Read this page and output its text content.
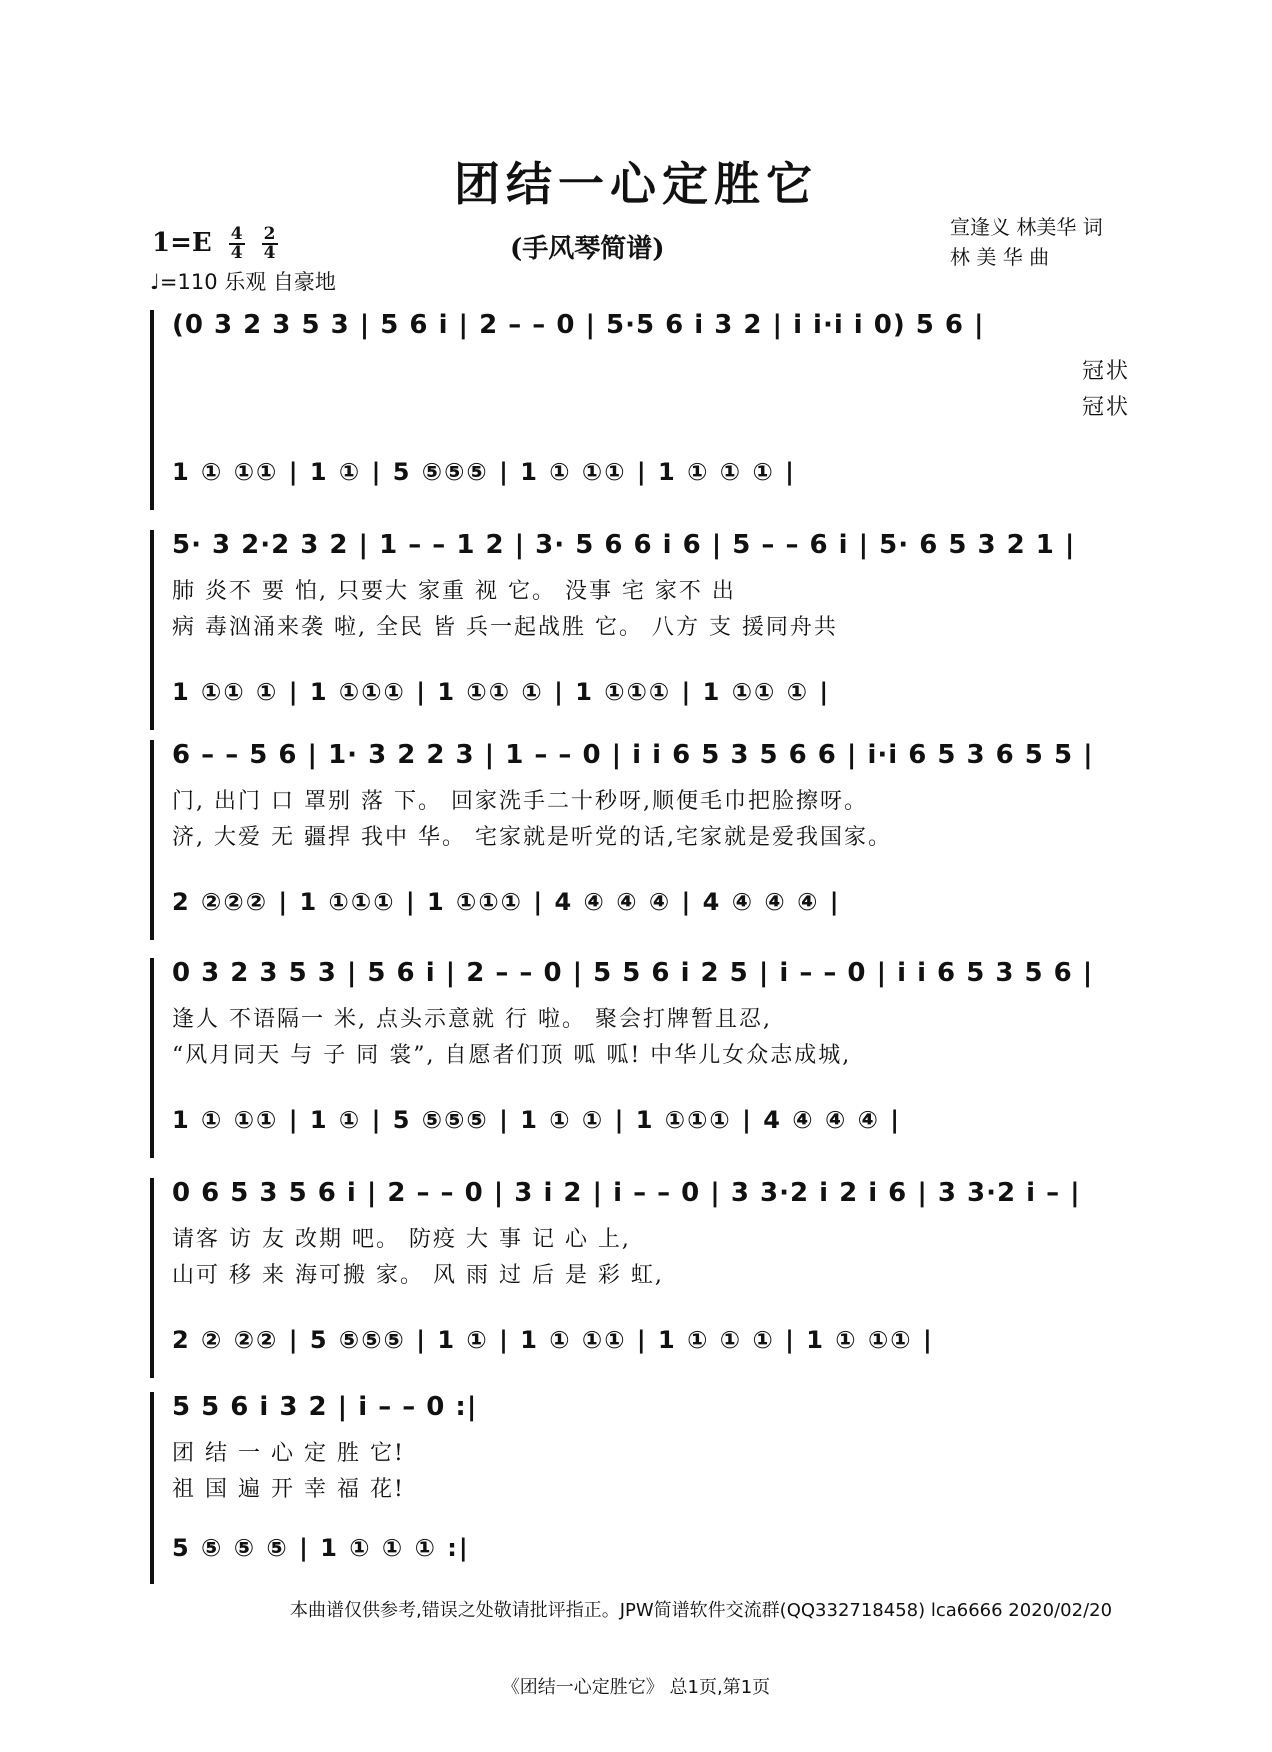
团结一心定胜它
(手风琴简谱)
$1=E \frac{4}{4}$
$\frac{2}{4}$
♩=110 乐观 自豪地
宣逢义 林美华 词
林 美 华 曲
(0 3 2 3 5 3 | 5 6 i | 2 – – 0 | 5·5 6 i 3 2 | i i·i i 0) 5 6 |
冠状
冠状
1 ① ①① | 1 ① | 5 ⑤⑤⑤ | 1 ① ①① | 1 ① ① ① |
5· 3 2·2 3 2 | 1 – – 1 2 | 3· 5 6 6 i 6 | 5 – – 6 i | 5· 6 5 3 2 1 |
肺 炎不 要 怕, 只要大 家重 视 它。 没事 宅 家不 出
病 毒汹涌来袭 啦, 全民 皆 兵一起战胜 它。 八方 支 援同舟共
1 ①① ① | 1 ①①① | 1 ①① ① | 1 ①①① | 1 ①① ① |
6 – – 5 6 | 1· 3 2 2 3 | 1 – – 0 | i i 6 5 3 5 6 6 | i·i 6 5 3 6 5 5 |
门, 出门 口 罩别 落 下。 回家洗手二十秒呀,顺便毛巾把脸擦呀。
济, 大爱 无 疆捍 我中 华。 宅家就是听党的话,宅家就是爱我国家。
2 ②②② | 1 ①①① | 1 ①①① | 4 ④ ④ ④ | 4 ④ ④ ④ |
0 3 2 3 5 3 | 5 6 i | 2 – – 0 | 5 5 6 i 2 5 | i – – 0 | i i 6 5 3 5 6 |
逢人 不语隔一 米, 点头示意就 行 啦。 聚会打牌暂且忍,
“风月同天 与 子 同 裳”, 自愿者们顶 呱 呱! 中华儿女众志成城,
1 ① ①① | 1 ① | 5 ⑤⑤⑤ | 1 ① ① | 1 ①①① | 4 ④ ④ ④ |
0 6 5 3 5 6 i | 2 – – 0 | 3 i 2 | i – – 0 | 3 3·2 i 2 i 6 | 3 3·2 i – |
请客 访 友 改期 吧。 防疫 大 事 记 心 上,
山可 移 来 海可搬 家。 风 雨 过 后 是 彩 虹,
2 ② ②② | 5 ⑤⑤⑤ | 1 ① | 1 ① ①① | 1 ① ① ① | 1 ① ①① |
5 5 6 i 3 2 | i – – 0 :|
团 结 一 心 定 胜 它!
祖 国 遍 开 幸 福 花!
5 ⑤ ⑤ ⑤ | 1 ① ① ① :|
本曲谱仅供参考,错误之处敬请批评指正。JPW简谱软件交流群(QQ332718458) lca6666 2020/02/20
《团结一心定胜它》 总1页,第1页
